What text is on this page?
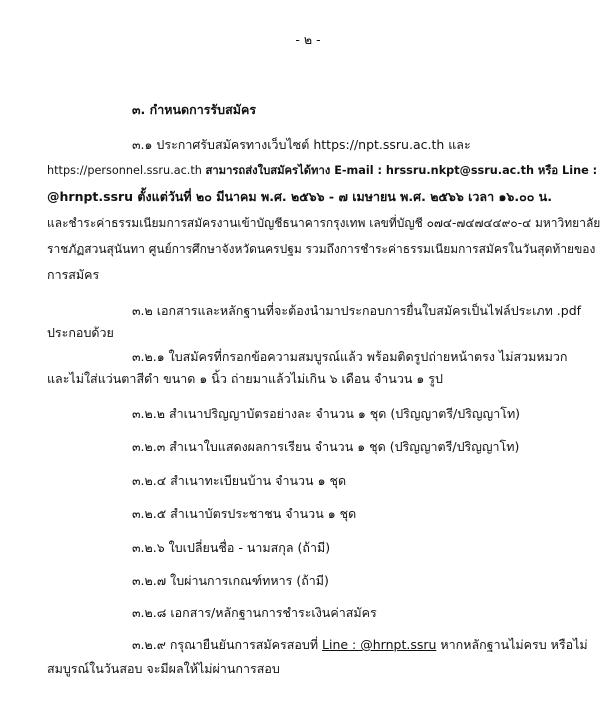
- ๒ -
๓. กำหนดการรับสมัคร
๓.๑ ประกาศรับสมัครทางเว็บไซต์ https://npt.ssru.ac.th และ
https://personnel.ssru.ac.th สามารถส่งใบสมัครได้ทาง E-mail : hrssru.nkpt@ssru.ac.th หรือ Line :
@hrnpt.ssru ตั้งแต่วันที่ ๒๐ มีนาคม พ.ศ. ๒๕๖๖ - ๗ เมษายน พ.ศ. ๒๕๖๖ เวลา ๑๖.๐๐ น.
และชำระค่าธรรมเนียมการสมัครงานเข้าบัญชีธนาคารกรุงเทพ เลขที่บัญชี ๐๗๔-๗๔๗๔๔๙๐-๔ มหาวิทยาลัย
ราชภัฏสวนสุนันทา ศูนย์การศึกษาจังหวัดนครปฐม รวมถึงการชำระค่าธรรมเนียมการสมัครในวันสุดท้ายของ
การสมัคร
๓.๒ เอกสารและหลักฐานที่จะต้องนำมาประกอบการยื่นใบสมัครเป็นไฟล์ประเภท .pdf
ประกอบด้วย
๓.๒.๑ ใบสมัครที่กรอกข้อความสมบูรณ์แล้ว พร้อมติดรูปถ่ายหน้าตรง ไม่สวมหมวก
และไม่ใส่แว่นตาสีดำ ขนาด ๑ นิ้ว ถ่ายมาแล้วไม่เกิน ๖ เดือน จำนวน ๑ รูป
๓.๒.๒ สำเนาปริญญาบัตรอย่างละ จำนวน ๑ ชุด (ปริญญาตรี/ปริญญาโท)
๓.๒.๓ สำเนาใบแสดงผลการเรียน จำนวน ๑ ชุด (ปริญญาตรี/ปริญญาโท)
๓.๒.๔ สำเนาทะเบียนบ้าน จำนวน ๑ ชุด
๓.๒.๕ สำเนาบัตรประชาชน จำนวน ๑ ชุด
๓.๒.๖ ใบเปลี่ยนชื่อ - นามสกุล (ถ้ามี)
๓.๒.๗ ใบผ่านการเกณฑ์ทหาร (ถ้ามี)
๓.๒.๘ เอกสาร/หลักฐานการชำระเงินค่าสมัคร
๓.๒.๙ กรุณายืนยันการสมัครสอบที่ Line : @hrnpt.ssru หากหลักฐานไม่ครบ หรือไม่
สมบูรณ์ในวันสอบ จะมีผลให้ไม่ผ่านการสอบ
